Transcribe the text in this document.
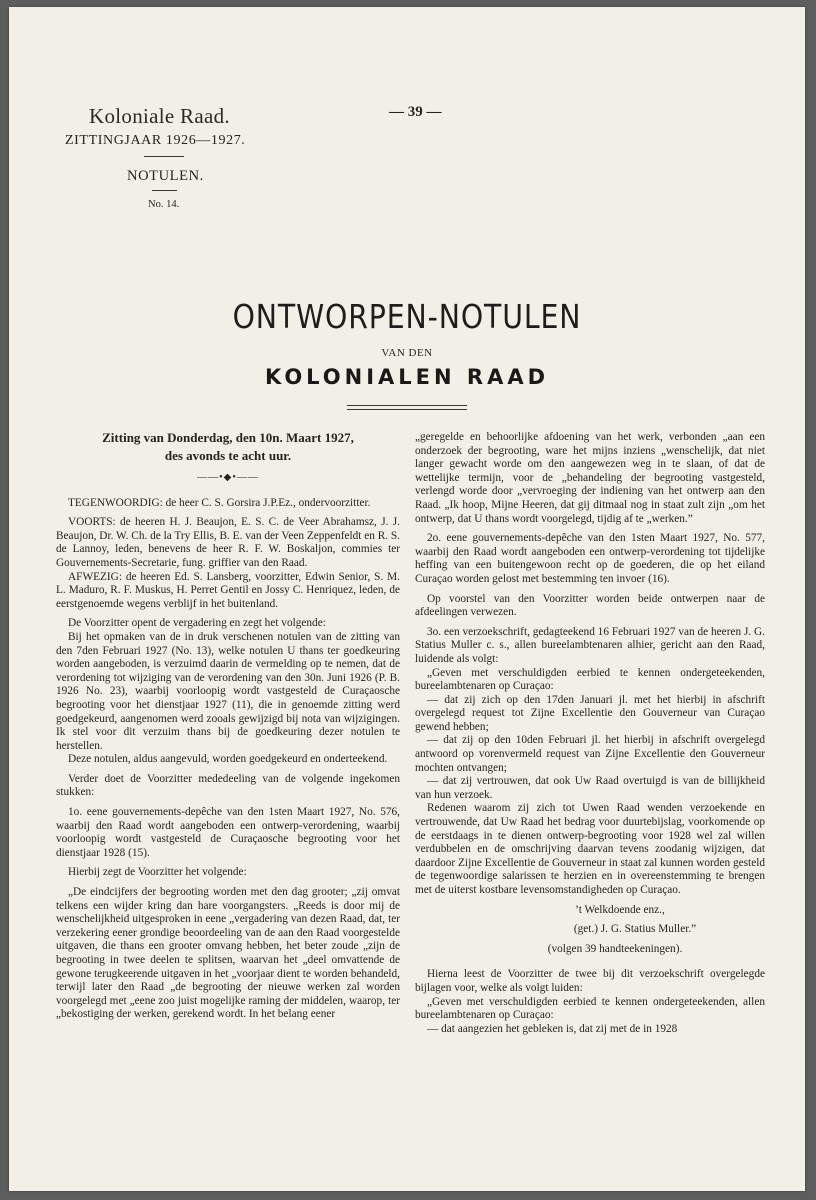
Koloniale Raad.
ZITTINGJAAR 1926—1927.
— 39 —
NOTULEN.
No. 14.
ONTWORPEN-NOTULEN
VAN DEN
KOLONIALEN RAAD
Zitting van Donderdag, den 10n. Maart 1927,
des avonds te acht uur.
——•◆•——

TEGENWOORDIG: de heer C. S. Gorsira J.P.Ez., ondervoorzitter.

VOORTS: de heeren H. J. Beaujon, E. S. C. de Veer Abrahamsz, J. J. Beaujon, Dr. W. Ch. de la Try Ellis, B. E. van der Veen Zeppenfeldt en R. S. de Lannoy, leden, benevens de heer R. F. W. Boskaljon, commies ter Gouvernements-Secretarie, fung. griffier van den Raad.

AFWEZIG: de heeren Ed. S. Lansberg, voorzitter, Edwin Senior, S. M. L. Maduro, R. F. Muskus, H. Perret Gentil en Jossy C. Henriquez, leden, de eerstgenoemde wegens verblijf in het buitenland.

De Voorzitter opent de vergadering en zegt het volgende:

Bij het opmaken van de in druk verschenen notulen van de zitting van den 7den Februari 1927 (No. 13), welke notulen U thans ter goedkeuring worden aangeboden, is verzuimd daarin de vermelding op te nemen, dat de verordening tot wijziging van de verordening van den 30n. Juni 1926 (P. B. 1926 No. 23), waarbij voorloopig wordt vastgesteld de Curaçaosche begrooting voor het dienstjaar 1927 (11), die in genoemde zitting werd goedgekeurd, aangenomen werd zooals gewijzigd bij nota van wijzigingen. Ik stel voor dit verzuim thans bij de goedkeuring dezer notulen te herstellen.

Deze notulen, aldus aangevuld, worden goedgekeurd en onderteekend.

Verder doet de Voorzitter mededeeling van de volgende ingekomen stukken:

1o. eene gouvernements-depêche van den 1sten Maart 1927, No. 576, waarbij den Raad wordt aangeboden een ontwerp-verordening, waarbij voorloopig wordt vastgesteld de Curaçaosche begrooting voor het dienstjaar 1928 (15).

Hierbij zegt de Voorzitter het volgende:

„De eindcijfers der begrooting worden met den dag grooter; „zij omvat telkens een wijder kring dan hare voorgangsters. „Reeds is door mij de wenschelijkheid uitgesproken in eene „vergadering van dezen Raad, dat, ter verzekering eener grondige beoordeeling van de aan den Raad voorgestelde uitgaven, die thans een grooter omvang hebben, het beter zoude „zijn de begrooting in twee deelen te splitsen, waarvan het „deel omvattende de gewone terugkeerende uitgaven in het „voorjaar dient te worden behandeld, terwijl later den Raad „de begrooting der nieuwe werken zal worden voorgelegd met „eene zoo juist mogelijke raming der middelen, waarop, ter „bekostiging der werken, gerekend wordt. In het belang eener

„geregelde en behoorlijke afdoening van het werk, verbonden „aan een onderzoek der begrooting, ware het mijns inziens „wenschelijk, dat niet langer gewacht worde om den aangewezen weg in te slaan, of dat de wettelijke termijn, voor de „behandeling der begrooting vastgesteld, verlengd worde door „vervroeging der indiening van het ontwerp aan den Raad. „Ik hoop, Mijne Heeren, dat gij ditmaal nog in staat zult zijn „om het ontwerp, dat U thans wordt voorgelegd, tijdig af te „werken.”

2o. eene gouvernements-depêche van den 1sten Maart 1927, No. 577, waarbij den Raad wordt aangeboden een ontwerp-verordening tot tijdelijke heffing van een buitengewoon recht op de goederen, die op het eiland Curaçao worden gelost met bestemming ten invoer (16).

Op voorstel van den Voorzitter worden beide ontwerpen naar de afdeelingen verwezen.

3o. een verzoekschrift, gedagteekend 16 Februari 1927 van de heeren J. G. Statius Muller c. s., allen bureelambtenaren alhier, gericht aan den Raad, luidende als volgt:

„Geven met verschuldigden eerbied te kennen ondergeteekenden, bureelambtenaren op Curaçao:

— dat zij zich op den 17den Januari jl. met het hierbij in afschrift overgelegd request tot Zijne Excellentie den Gouverneur van Curaçao gewend hebben;

— dat zij op den 10den Februari jl. het hierbij in afschrift overgelegd antwoord op vorenvermeld request van Zijne Excellentie den Gouverneur mochten ontvangen;

— dat zij vertrouwen, dat ook Uw Raad overtuigd is van de billijkheid van hun verzoek.

Redenen waarom zij zich tot Uwen Raad wenden verzoekende en vertrouwende, dat Uw Raad het bedrag voor duurtebijslag, voorkomende op de eerstdaags in te dienen ontwerp-begrooting voor 1928 wel zal willen verdubbelen en de omschrijving daarvan tevens zoodanig wijzigen, dat daardoor Zijne Excellentie de Gouverneur in staat zal kunnen worden gesteld de tegenwoordige salarissen te herzien en in overeenstemming te brengen met de uiterst kostbare levensomstandigheden op Curaçao.

’t Welkdoende enz.,

(get.) J. G. Statius Muller.”

(volgen 39 handteekeningen).

Hierna leest de Voorzitter de twee bij dit verzoekschrift overgelegde bijlagen voor, welke als volgt luiden:

„Geven met verschuldigden eerbied te kennen ondergeteekenden, allen bureelambtenaren op Curaçao:

— dat aangezien het gebleken is, dat zij met de in 1928
